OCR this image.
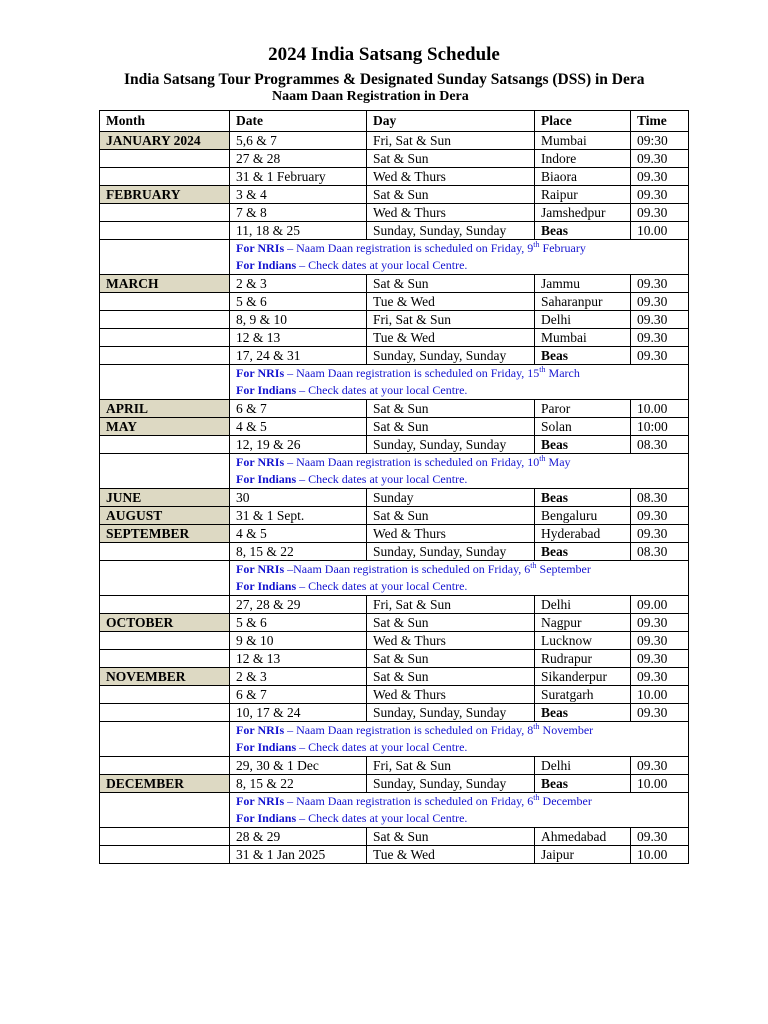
2024 India Satsang Schedule
India Satsang Tour Programmes & Designated Sunday Satsangs (DSS) in Dera
Naam Daan Registration in Dera
Month	Date	Day	Place	Time
JANUARY 2024	5,6 & 7	Fri, Sat & Sun	Mumbai	09:30
	27 & 28	Sat & Sun	Indore	09.30
	31 & 1 February	Wed & Thurs	Biaora	09.30
FEBRUARY	3 & 4	Sat & Sun	Raipur	09.30
	7 & 8	Wed & Thurs	Jamshedpur	09.30
	11, 18 & 25	Sunday, Sunday, Sunday	Beas	10.00

	For NRIs – Naam Daan registration is scheduled on Friday, 9th February
For Indians – Check dates at your local Centre.			

MARCH	2 & 3	Sat & Sun	Jammu	09.30
	5 & 6	Tue & Wed	Saharanpur	09.30
	8, 9 & 10	Fri, Sat & Sun	Delhi	09.30
	12 & 13	Tue & Wed	Mumbai	09.30
	17, 24 & 31	Sunday, Sunday, Sunday	Beas	09.30

	For NRIs – Naam Daan registration is scheduled on Friday, 15th March
For Indians – Check dates at your local Centre.			

APRIL	6 & 7	Sat & Sun	Paror	10.00
MAY	4 & 5	Sat & Sun	Solan	10:00
	12, 19 & 26	Sunday, Sunday, Sunday	Beas	08.30

	For NRIs – Naam Daan registration is scheduled on Friday, 10th May
For Indians – Check dates at your local Centre.			

JUNE	30	Sunday	Beas	08.30
AUGUST	31 & 1 Sept.	Sat & Sun	Bengaluru	09.30
SEPTEMBER	4 & 5	Wed & Thurs	Hyderabad	09.30
	8, 15 & 22	Sunday, Sunday, Sunday	Beas	08.30

	For NRIs –Naam Daan registration is scheduled on Friday, 6th September
For Indians – Check dates at your local Centre.			

	27, 28 & 29	Fri, Sat & Sun	Delhi	09.00
OCTOBER	5 & 6	Sat & Sun	Nagpur	09.30
	9 & 10	Wed & Thurs	Lucknow	09.30
	12 & 13	Sat & Sun	Rudrapur	09.30
NOVEMBER	2 & 3	Sat & Sun	Sikanderpur	09.30
	6 & 7	Wed & Thurs	Suratgarh	10.00
	10, 17 & 24	Sunday, Sunday, Sunday	Beas	09.30

	For NRIs – Naam Daan registration is scheduled on Friday, 8th November
For Indians – Check dates at your local Centre.			

	29, 30 & 1 Dec	Fri, Sat & Sun	Delhi	09.30
DECEMBER	8, 15 & 22	Sunday, Sunday, Sunday	Beas	10.00

	For NRIs – Naam Daan registration is scheduled on Friday, 6th December
For Indians – Check dates at your local Centre.			

	28 & 29	Sat & Sun	Ahmedabad	09.30
	31 & 1 Jan 2025	Tue & Wed	Jaipur	10.00
